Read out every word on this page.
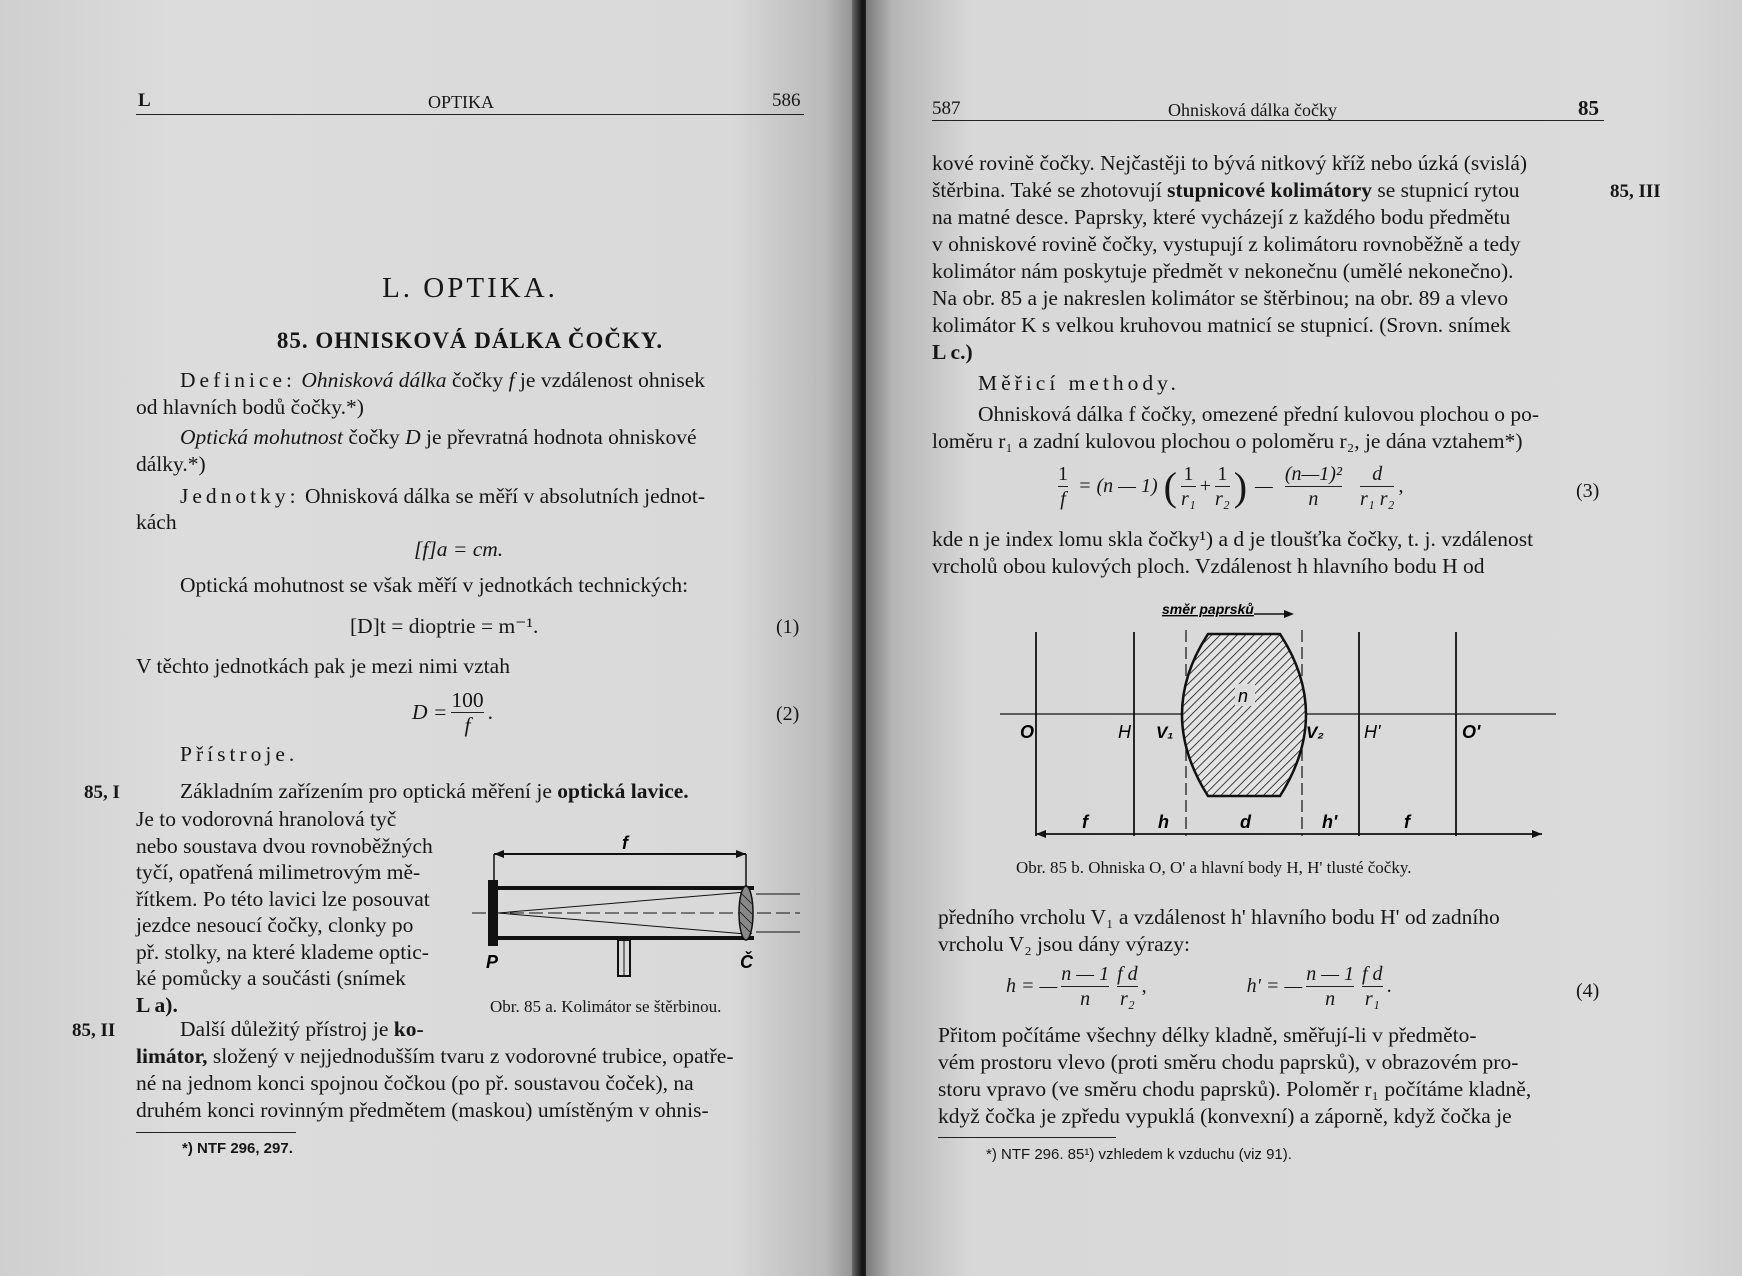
L	OPTIKA	586
L. OPTIKA.
85. OHNISKOVÁ DÁLKA ČOČKY.

Definice: Ohnisková dálka čočky f je vzdálenost ohnisek

od hlavních bodů čočky.*)

Optická mohutnost čočky D je převratná hodnota ohniskové

dálky.*)

Jednotky: Ohnisková dálka se měří v absolutních jednot-

kách

[f]a = cm.

Optická mohutnost se však měří v jednotkách technických:

[D]t = dioptrie = m⁻¹.	(1)

V těchto jednotkách pak je mezi nimi vztah

$D = \frac{100}{f}$ .	(2)

Přístroje.

85, I	Základním zařízením pro optická měření je optická lavice.

Je to vodorovná hranolová tyč
nebo soustava dvou rovnoběžných
tyčí, opatřená milimetrovým mě-
řítkem. Po této lavici lze posouvat
jezdce nesoucí čočky, clonky po
př. stolky, na které klademe optic-
ké pomůcky a součásti (snímek
L a).
f
P	Č
Obr. 85 a. Kolimátor se štěrbinou.
85, II	Další důležitý přístroj je ko-

limátor, složený v nejjednodušším tvaru z vodorovné trubice, opatře-

né na jednom konci spojnou čočkou (po př. soustavou čoček), na

druhém konci rovinným předmětem (maskou) umístěným v ohnis-

*) NTF 296, 297.
587	Ohnisková dálka čočky	85

kové rovině čočky. Nejčastěji to bývá nitkový kříž nebo úzká (svislá)

štěrbina. Také se zhotovují stupnicové kolimátory se stupnicí rytou	85, III

na matné desce. Paprsky, které vycházejí z každého bodu předmětu

v ohniskové rovině čočky, vystupují z kolimátoru rovnoběžně a tedy

kolimátor nám poskytuje předmět v nekonečnu (umělé nekonečno).

Na obr. 85 a je nakreslen kolimátor se štěrbinou; na obr. 89 a vlevo

kolimátor K s velkou kruhovou matnicí se stupnicí. (Srovn. snímek

L c.)

Měřicí methody.

Ohnisková dálka f čočky, omezené přední kulovou plochou o po-

loměru r₁ a zadní kulovou plochou o poloměru r₂, je dána vztahem*)

$\frac{1}{f} = (n$ — 1) ( $\frac{1}{\text{r₁}} + \frac{1}{\text{r₂}}$ ) — $\frac{\text{(n—1)²}}{n} \frac{d}{\text{r₁ r₂}}$ ,	(3)

kde n je index lomu skla čočky¹) a d je tloušťka čočky, t. j. vzdálenost

vrcholů obou kulových ploch. Vzdálenost h hlavního bodu H od

směr paprsků
n
O	H V₁	V₂ H'	O'
f	h	d	h'	f
Obr. 85 b. Ohniska O, O' a hlavní body H, H' tlusté čočky.

předního vrcholu V₁ a vzdálenost h' hlavního bodu H' od zadního

vrcholu V₂ jsou dány výrazy:

h = — $\frac{n — 1}{n} \frac{\text{f d}}{\text{r₂}}$ ,	h' = — $\frac{n — 1}{n} \frac{\text{f d}}{\text{r₁}}$ .	(4)

Přitom počítáme všechny délky kladně, směřují-li v předměto-

vém prostoru vlevo (proti směru chodu paprsků), v obrazovém pro-

storu vpravo (ve směru chodu paprsků). Poloměr r₁ počítáme kladně,

když čočka je zpředu vypuklá (konvexní) a záporně, když čočka je

*) NTF 296. 85¹) vzhledem k vzduchu (viz 91).
